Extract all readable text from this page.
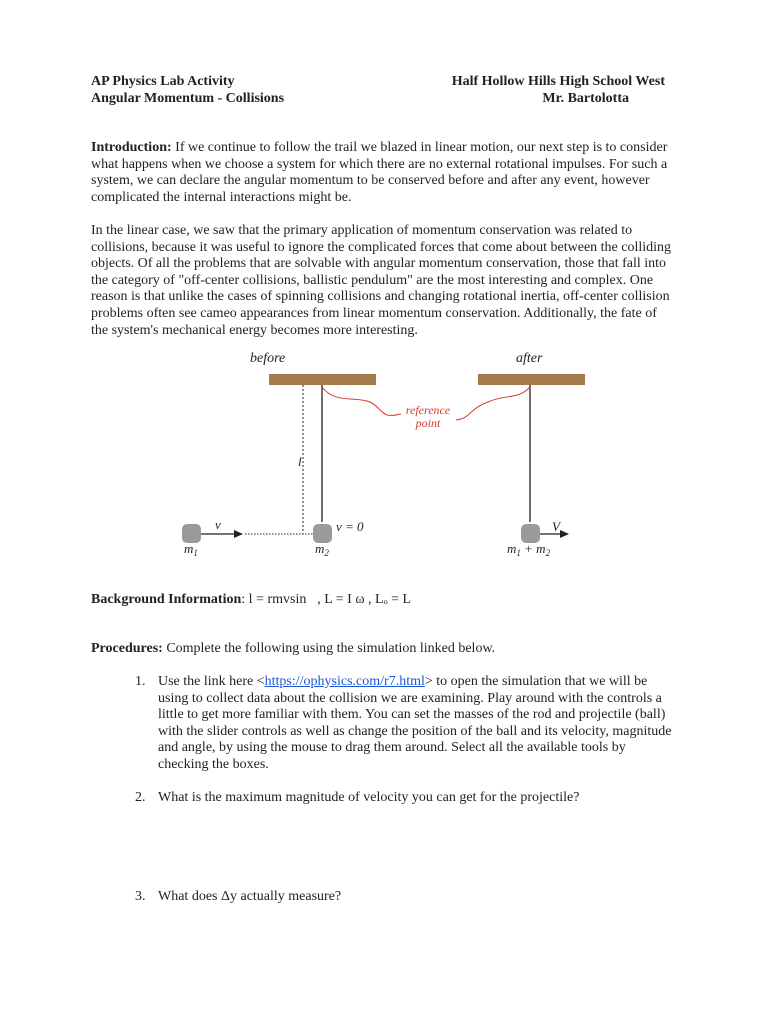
AP Physics Lab Activity
Angular Momentum - Collisions
Half Hollow Hills High School West
Mr. Bartolotta
Introduction: If we continue to follow the trail we blazed in linear motion, our next step is to consider what happens when we choose a system for which there are no external rotational impulses. For such a system, we can declare the angular momentum to be conserved before and after any event, however complicated the internal interactions might be.
In the linear case, we saw that the primary application of momentum conservation was related to collisions, because it was useful to ignore the complicated forces that come about between the colliding objects. Of all the problems that are solvable with angular momentum conservation, those that fall into the category of "off-center collisions, ballistic pendulum" are the most interesting and complex. One reason is that unlike the cases of spinning collisions and changing rotational inertia, off-center collision problems often see cameo appearances from linear momentum conservation. Additionally, the fate of the system's mechanical energy becomes more interesting.
l
before	after
v	v = 0	V
$m_1$	$m_2$	$m_1 + m_2$
reference
point
Background Information: l = rmvsin , L = I ω , Lₒ = L
Procedures: Complete the following using the simulation linked below.
1. Use the link here <https://ophysics.com/r7.html> to open the simulation that we will be using to collect data about the collision we are examining. Play around with the controls a little to get more familiar with them. You can set the masses of the rod and projectile (ball) with the slider controls as well as change the position of the ball and its velocity, magnitude and angle, by using the mouse to drag them around. Select all the available tools by checking the boxes.
2. What is the maximum magnitude of velocity you can get for the projectile?
3. What does Δy actually measure?
